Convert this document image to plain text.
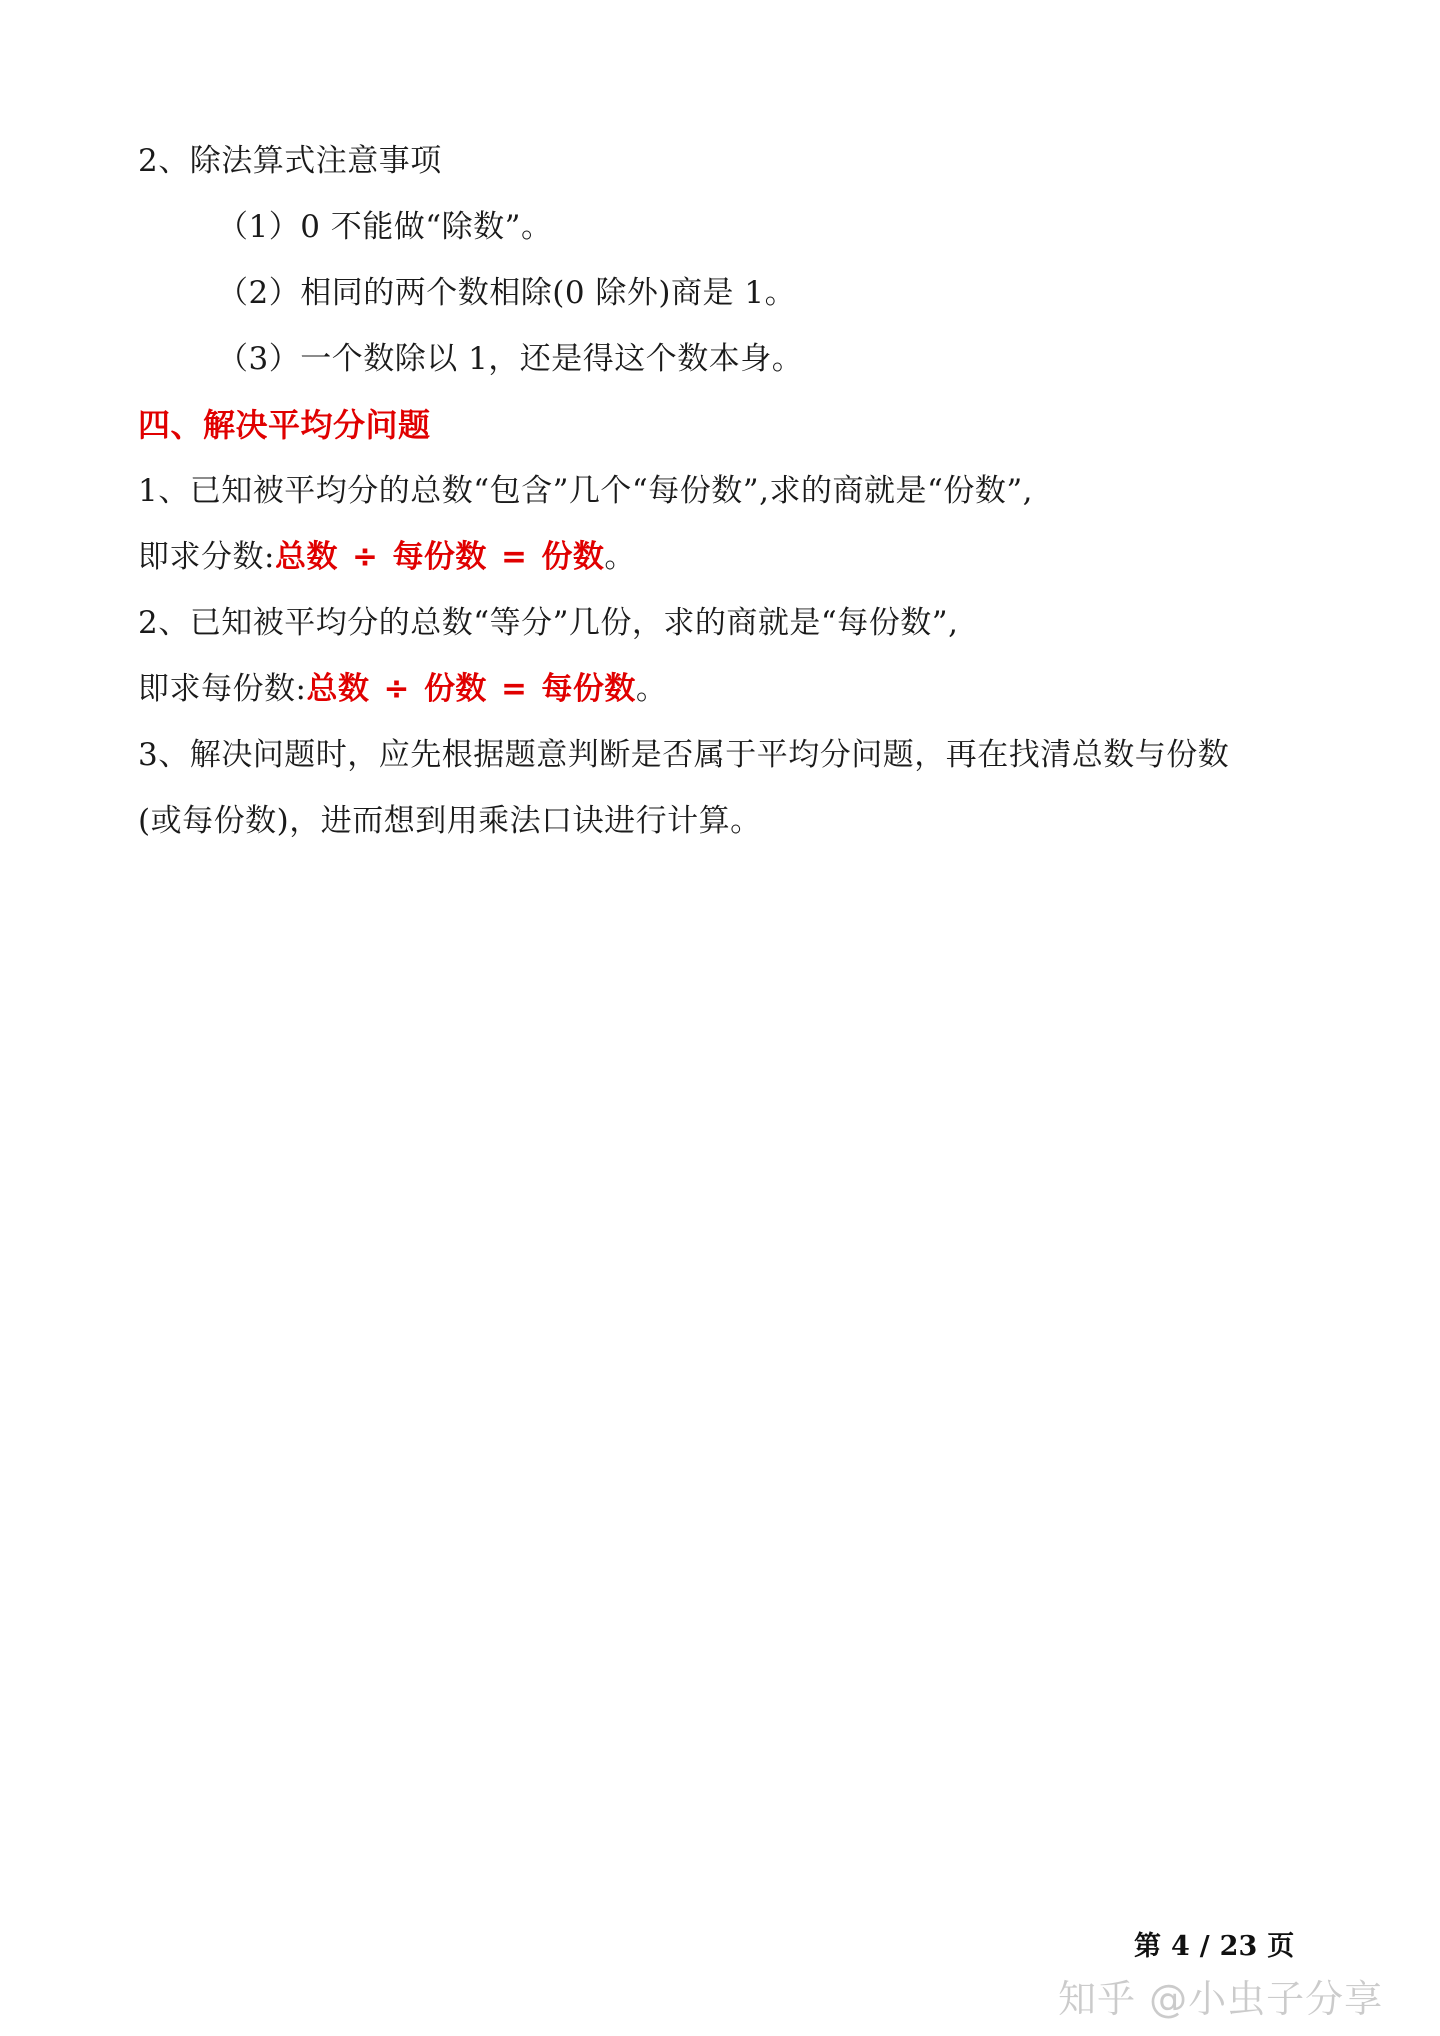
2、除法算式注意事项
（1）0 不能做“除数”。
（2）相同的两个数相除(0 除外)商是 1。
（3）一个数除以 1，还是得这个数本身。
四、解决平均分问题
1、已知被平均分的总数“包含”几个“每份数”,求的商就是“份数”,
即求分数:总数 ÷ 每份数 = 份数。
2、已知被平均分的总数“等分”几份，求的商就是“每份数”,
即求每份数:总数 ÷ 份数 = 每份数。
3、解决问题时，应先根据题意判断是否属于平均分问题，再在找清总数与份数
(或每份数)，进而想到用乘法口诀进行计算。
第 4 / 23 页
知乎 @小虫子分享
